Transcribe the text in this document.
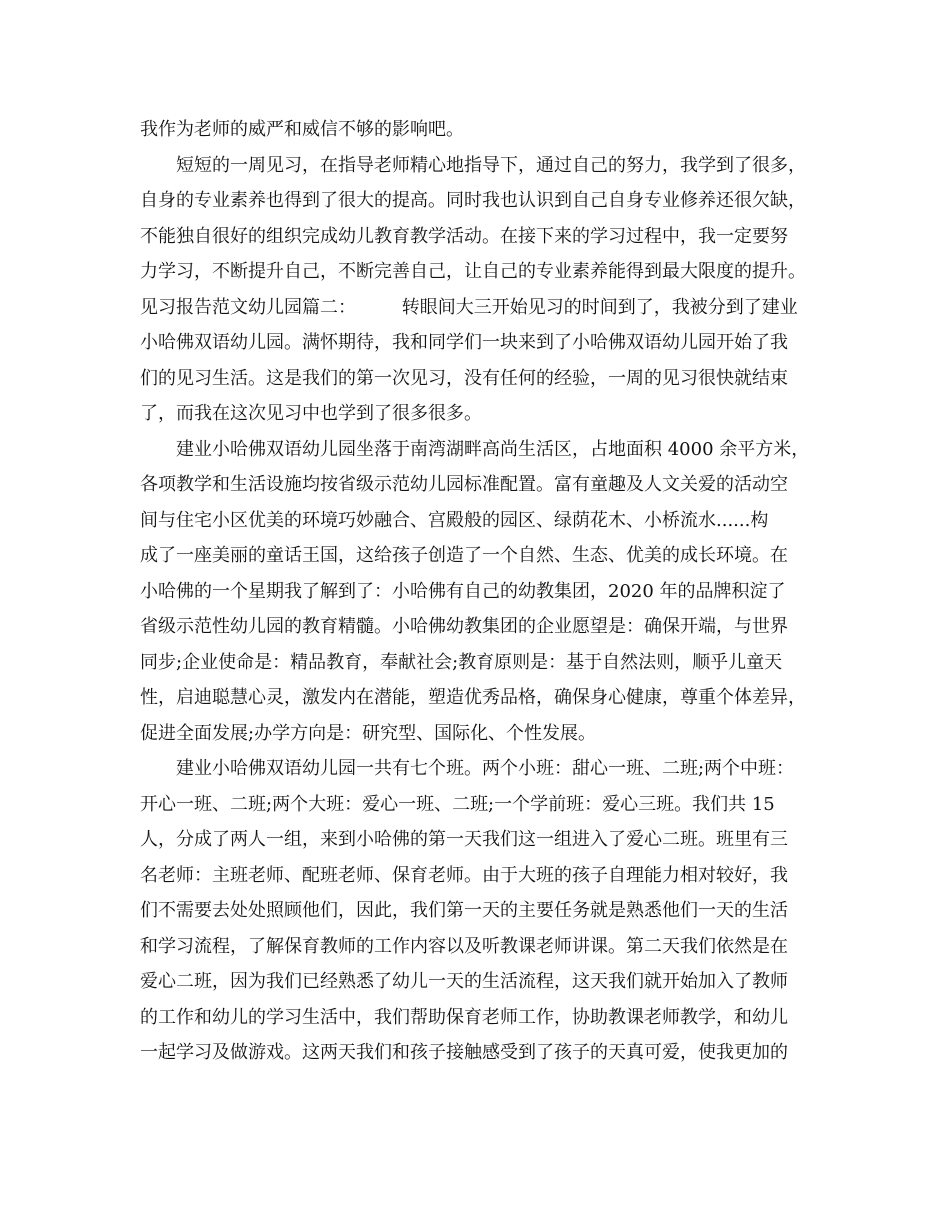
我作为老师的威严和威信不够的影响吧。
短短的一周见习，在指导老师精心地指导下，通过自己的努力，我学到了很多，
自身的专业素养也得到了很大的提高。同时我也认识到自己自身专业修养还很欠缺，
不能独自很好的组织完成幼儿教育教学活动。在接下来的学习过程中，我一定要努
力学习，不断提升自己，不断完善自己，让自己的专业素养能得到最大限度的提升。
见习报告范文幼儿园篇二：        转眼间大三开始见习的时间到了，我被分到了建业
小哈佛双语幼儿园。满怀期待，我和同学们一块来到了小哈佛双语幼儿园开始了我
们的见习生活。这是我们的第一次见习，没有任何的经验，一周的见习很快就结束
了，而我在这次见习中也学到了很多很多。
建业小哈佛双语幼儿园坐落于南湾湖畔高尚生活区，占地面积 4000 余平方米，
各项教学和生活设施均按省级示范幼儿园标准配置。富有童趣及人文关爱的活动空
间与住宅小区优美的环境巧妙融合、宫殿般的园区、绿荫花木、小桥流水......构
成了一座美丽的童话王国，这给孩子创造了一个自然、生态、优美的成长环境。在
小哈佛的一个星期我了解到了：小哈佛有自己的幼教集团，2020 年的品牌积淀了
省级示范性幼儿园的教育精髓。小哈佛幼教集团的企业愿望是：确保开端，与世界
同步;企业使命是：精品教育，奉献社会;教育原则是：基于自然法则，顺乎儿童天
性，启迪聪慧心灵，激发内在潜能，塑造优秀品格，确保身心健康，尊重个体差异，
促进全面发展;办学方向是：研究型、国际化、个性发展。
建业小哈佛双语幼儿园一共有七个班。两个小班：甜心一班、二班;两个中班：
开心一班、二班;两个大班：爱心一班、二班;一个学前班：爱心三班。我们共 15
人，分成了两人一组，来到小哈佛的第一天我们这一组进入了爱心二班。班里有三
名老师：主班老师、配班老师、保育老师。由于大班的孩子自理能力相对较好，我
们不需要去处处照顾他们，因此，我们第一天的主要任务就是熟悉他们一天的生活
和学习流程，了解保育教师的工作内容以及听教课老师讲课。第二天我们依然是在
爱心二班，因为我们已经熟悉了幼儿一天的生活流程，这天我们就开始加入了教师
的工作和幼儿的学习生活中，我们帮助保育老师工作，协助教课老师教学，和幼儿
一起学习及做游戏。这两天我们和孩子接触感受到了孩子的天真可爱，使我更加的
